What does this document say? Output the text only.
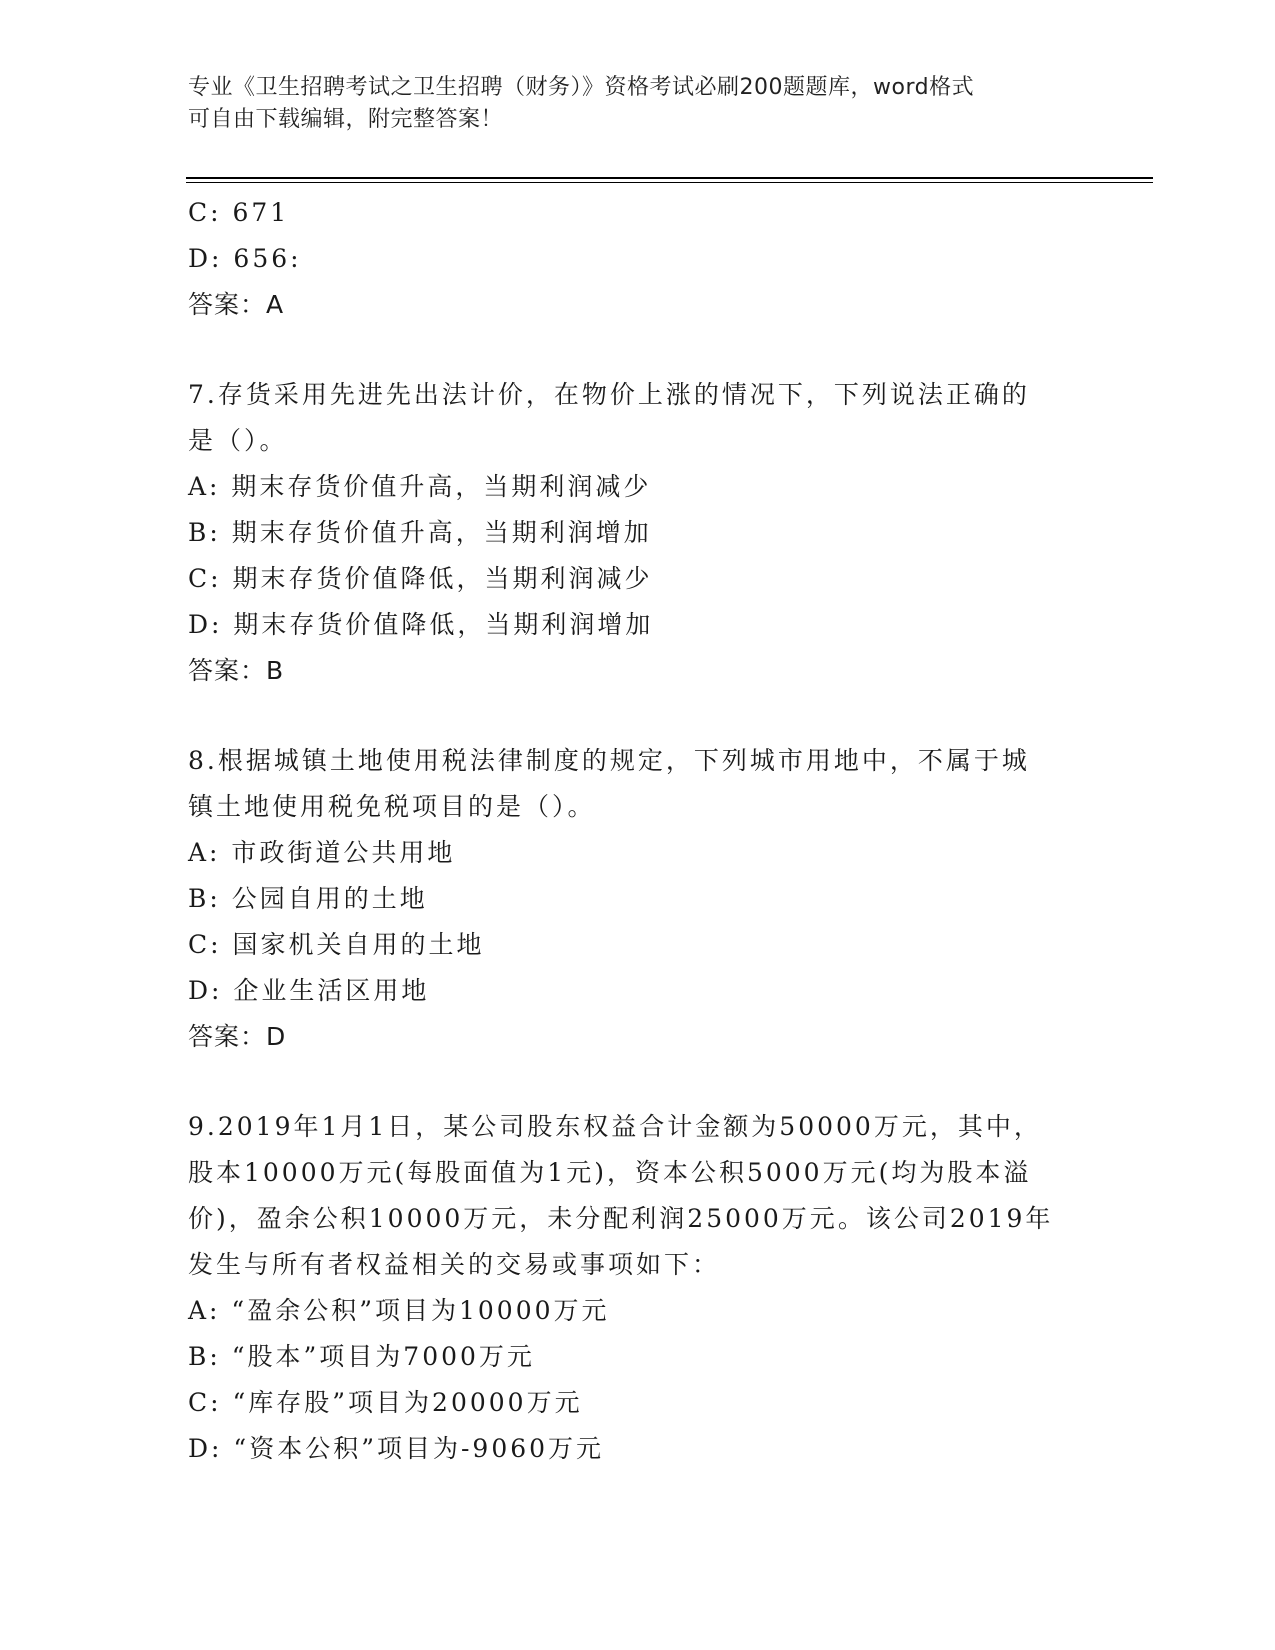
专业《卫生招聘考试之卫生招聘（财务）》资格考试必刷200题题库，word格式
可自由下载编辑，附完整答案！
C: 671
D: 656:
答案：A
7.存货采用先进先出法计价，在物价上涨的情况下，下列说法正确的
是（）。
A: 期末存货价值升高，当期利润减少
B: 期末存货价值升高，当期利润增加
C: 期末存货价值降低，当期利润减少
D: 期末存货价值降低，当期利润增加
答案：B
8.根据城镇土地使用税法律制度的规定，下列城市用地中，不属于城
镇土地使用税免税项目的是（）。
A: 市政街道公共用地
B: 公园自用的土地
C: 国家机关自用的土地
D: 企业生活区用地
答案：D
9.2019年1月1日，某公司股东权益合计金额为50000万元，其中，
股本10000万元(每股面值为1元)，资本公积5000万元(均为股本溢
价)，盈余公积10000万元，未分配利润25000万元。该公司2019年
发生与所有者权益相关的交易或事项如下：
A: “盈余公积”项目为10000万元
B: “股本”项目为7000万元
C: “库存股”项目为20000万元
D: “资本公积”项目为-9060万元
